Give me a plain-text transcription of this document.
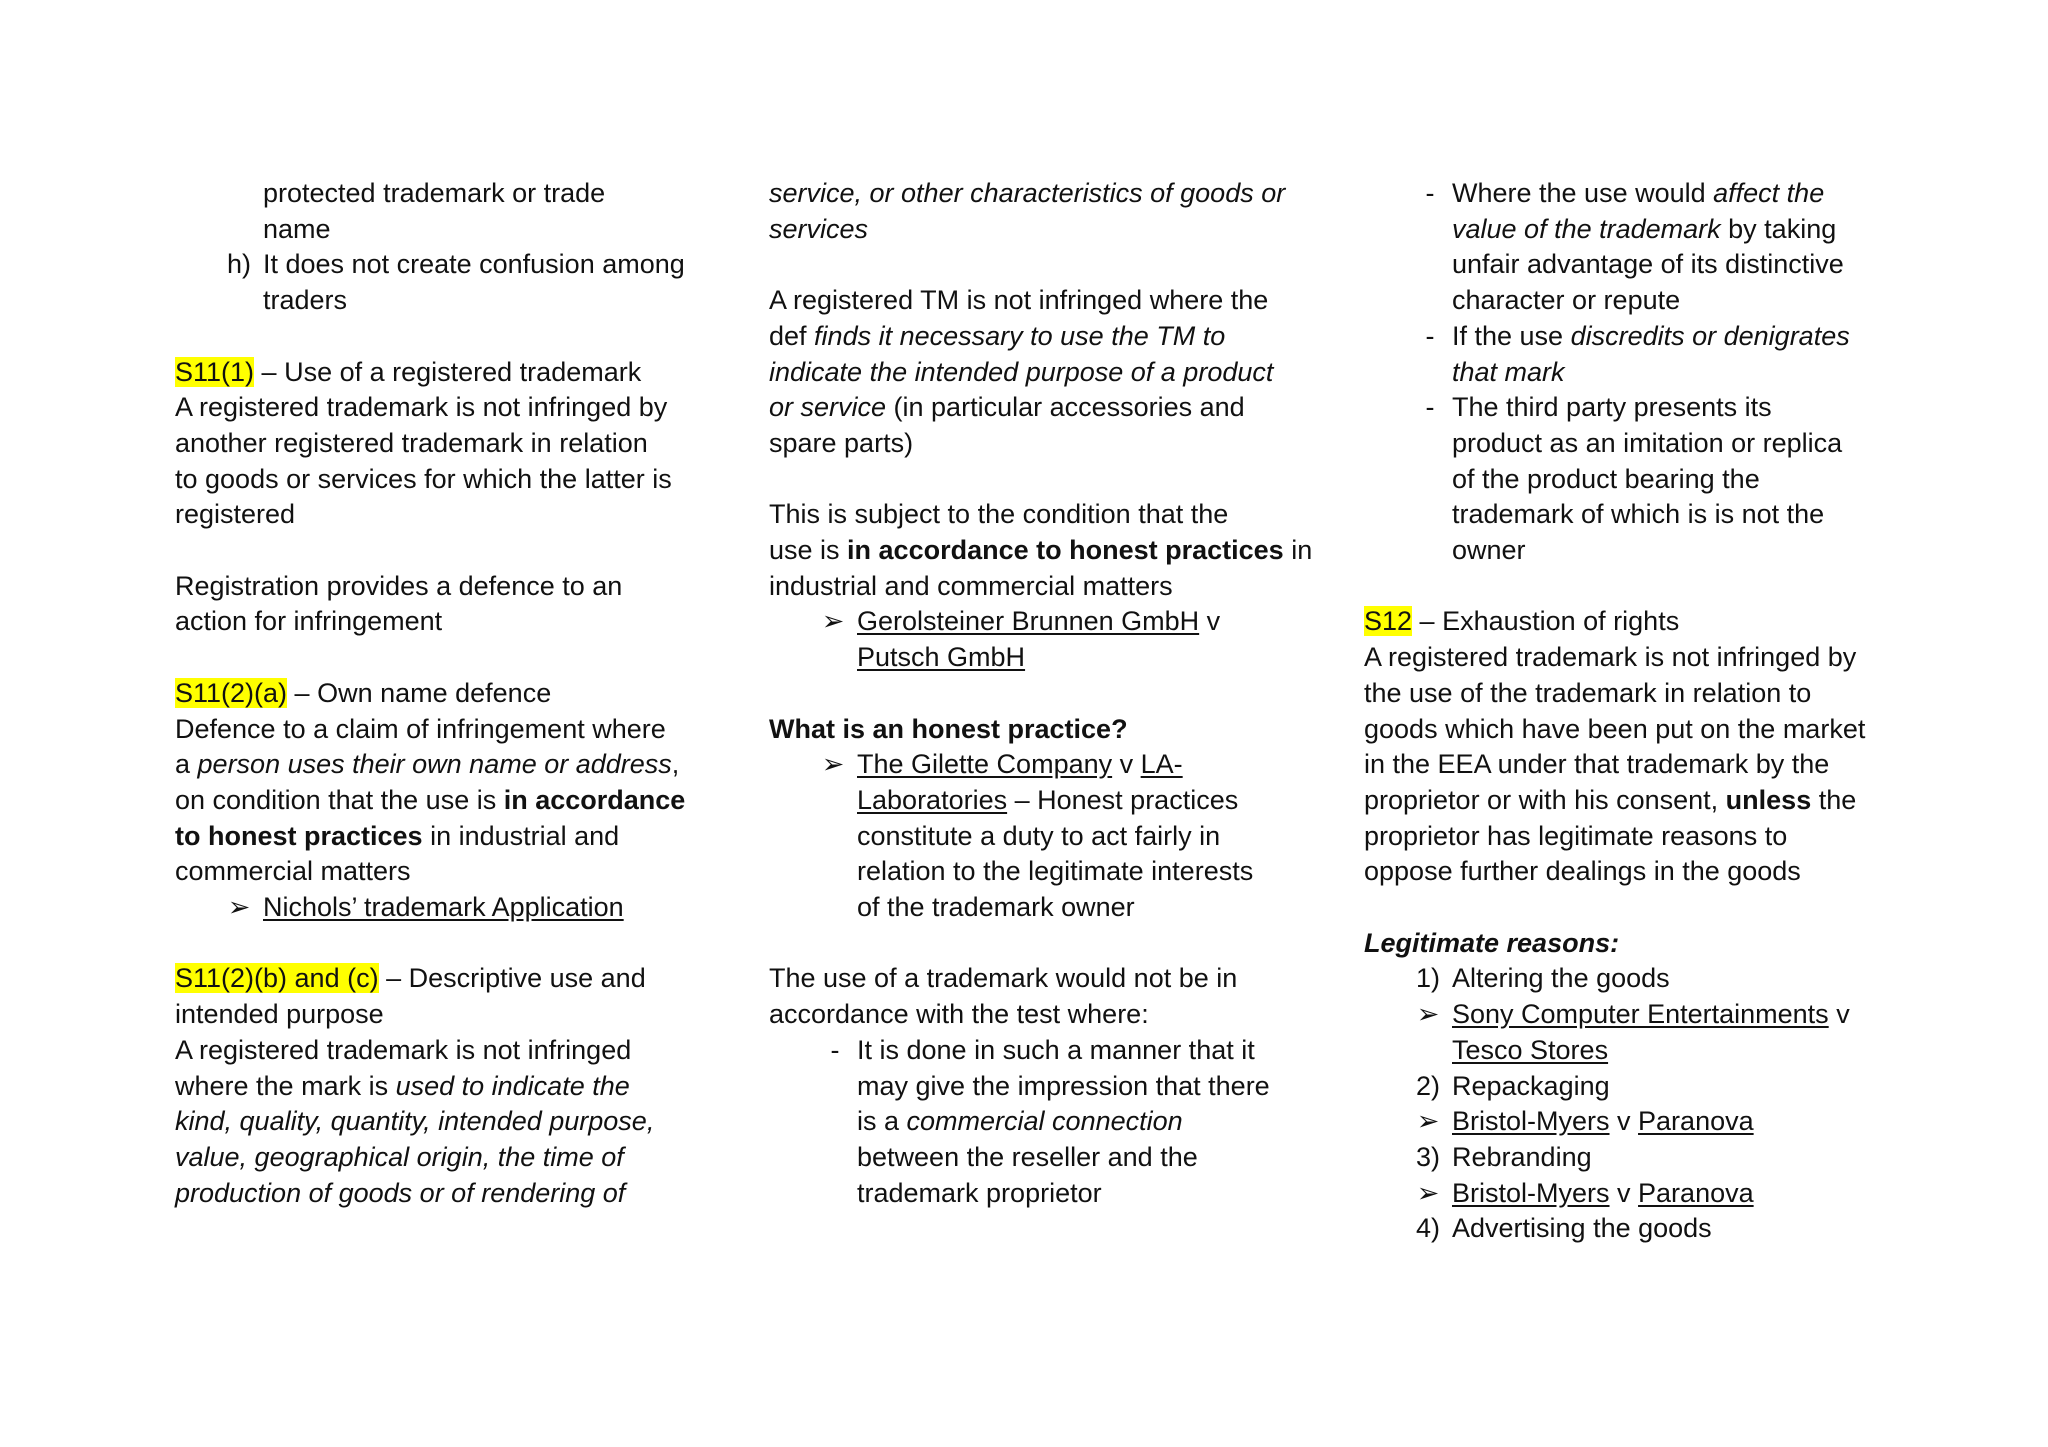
protected trademark or trade
name
h) It does not create confusion among
traders
S11(1) – Use of a registered trademark
A registered trademark is not infringed by
another registered trademark in relation
to goods or services for which the latter is
registered
Registration provides a defence to an
action for infringement
S11(2)(a) – Own name defence
Defence to a claim of infringement where
a person uses their own name or address,
on condition that the use is in accordance
to honest practices in industrial and
commercial matters
➢ Nichols’ trademark Application
S11(2)(b) and (c) – Descriptive use and
intended purpose
A registered trademark is not infringed
where the mark is used to indicate the
kind, quality, quantity, intended purpose,
value, geographical origin, the time of
production of goods or of rendering of
service, or other characteristics of goods or
services
A registered TM is not infringed where the
def finds it necessary to use the TM to
indicate the intended purpose of a product
or service (in particular accessories and
spare parts)
This is subject to the condition that the
use is in accordance to honest practices in
industrial and commercial matters
➢ Gerolsteiner Brunnen GmbH v
Putsch GmbH
What is an honest practice?
➢ The Gilette Company v LA-
Laboratories – Honest practices
constitute a duty to act fairly in
relation to the legitimate interests
of the trademark owner
The use of a trademark would not be in
accordance with the test where:
- It is done in such a manner that it
may give the impression that there
is a commercial connection
between the reseller and the
trademark proprietor
- Where the use would affect the
value of the trademark by taking
unfair advantage of its distinctive
character or repute
- If the use discredits or denigrates
that mark
- The third party presents its
product as an imitation or replica
of the product bearing the
trademark of which is is not the
owner
S12 – Exhaustion of rights
A registered trademark is not infringed by
the use of the trademark in relation to
goods which have been put on the market
in the EEA under that trademark by the
proprietor or with his consent, unless the
proprietor has legitimate reasons to
oppose further dealings in the goods
Legitimate reasons:
1) Altering the goods
➢ Sony Computer Entertainments v
Tesco Stores
2) Repackaging
➢ Bristol-Myers v Paranova
3) Rebranding
➢ Bristol-Myers v Paranova
4) Advertising the goods
